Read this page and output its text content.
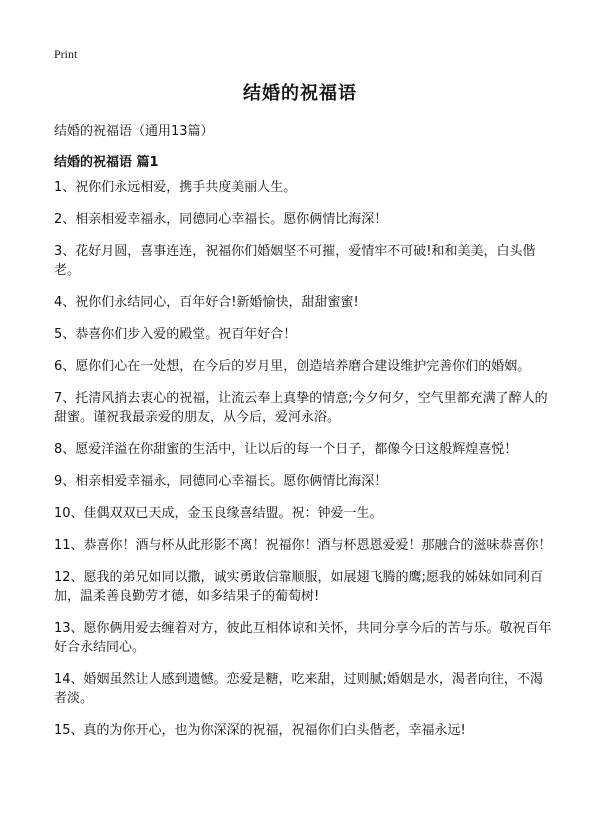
Print
结婚的祝福语
结婚的祝福语（通用13篇）
结婚的祝福语 篇1
1、祝你们永远相爱，携手共度美丽人生。
2、相亲相爱幸福永，同德同心幸福长。愿你俩情比海深！
3、花好月圆，喜事连连，祝福你们婚姻坚不可摧，爱情牢不可破!和和美美，白头偕老。
4、祝你们永结同心，百年好合!新婚愉快，甜甜蜜蜜!
5、恭喜你们步入爱的殿堂。祝百年好合！
6、愿你们心在一处想，在今后的岁月里，创造培养磨合建设维护完善你们的婚姻。
7、托清风捎去衷心的祝福，让流云奉上真挚的情意;今夕何夕，空气里都充满了醉人的甜蜜。谨祝我最亲爱的朋友，从今后，爱河永浴。
8、愿爱洋溢在你甜蜜的生活中，让以后的每一个日子，都像今日这般辉煌喜悦！
9、相亲相爱幸福永，同德同心幸福长。愿你俩情比海深！
10、佳偶双双已天成，金玉良缘喜结盟。祝：钟爱一生。
11、恭喜你！酒与杯从此形影不离！祝福你！酒与杯恩恩爱爱！那融合的滋味恭喜你！
12、愿我的弟兄如同以撒，诚实勇敢信靠顺服，如展翅飞腾的鹰;愿我的姊妹如同利百加，温柔善良勤劳才德，如多结果子的葡萄树!
13、愿你俩用爱去缠着对方，彼此互相体谅和关怀，共同分享今后的苦与乐。敬祝百年好合永结同心。
14、婚姻虽然让人感到遗憾。恋爱是糖，吃来甜，过则腻;婚姻是水，渴者向往，不渴者淡。
15、真的为你开心，也为你深深的祝福，祝福你们白头偕老，幸福永远!
